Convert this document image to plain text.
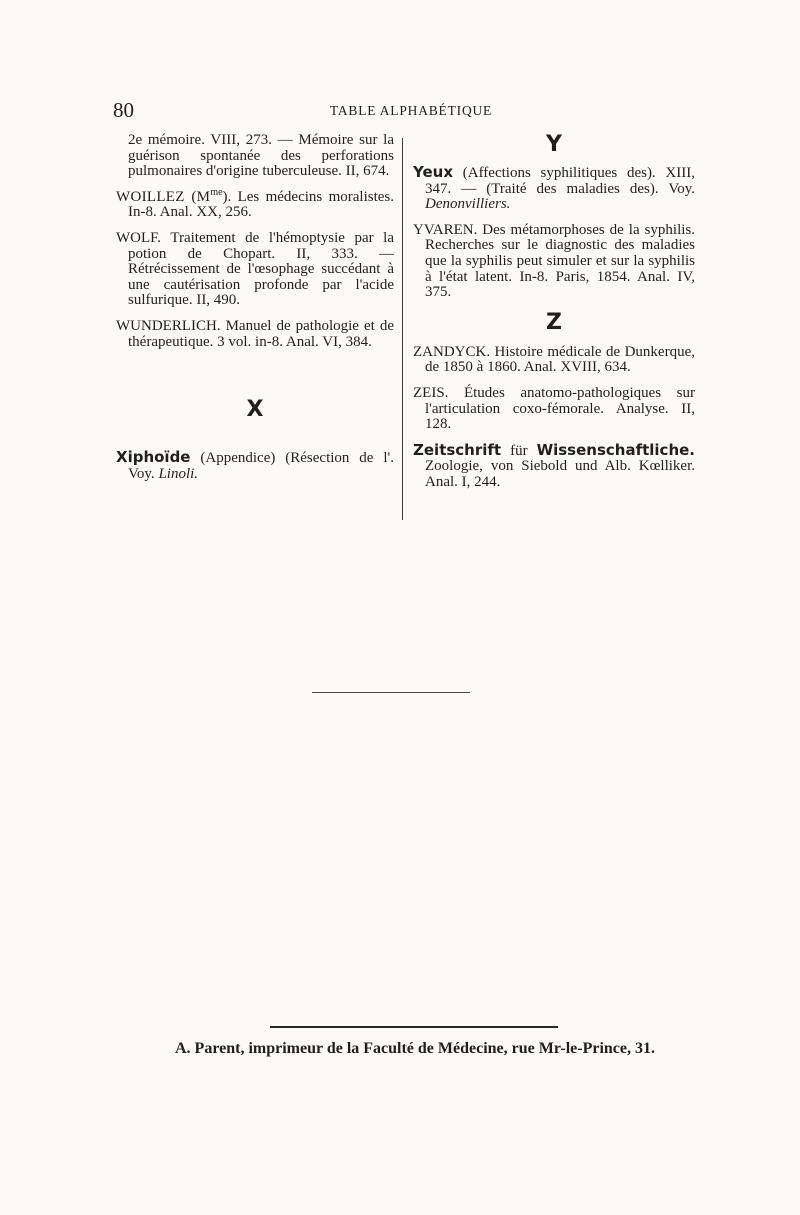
80	TABLE ALPHABÉTIQUE

2e mémoire. VIII, 273. — Mémoire sur la guérison spontanée des perforations pulmonaires d'origine tuberculeuse. II, 674.

WOILLEZ $(M^{me})$. Les médecins moralistes. In-8. Anal. XX, 256.

WOLF. Traitement de l'hémoptysie par la potion de Chopart. II, 333. — Rétrécissement de l'œsophage succédant à une cautérisation profonde par l'acide sulfurique. II, 490.

WUNDERLICH. Manuel de pathologie et de thérapeutique. 3 vol. in-8. Anal. VI, 384.

X

Xiphoïde (Appendice) (Résection de l'. Voy. Linoli.

Y

Yeux (Affections syphilitiques des). XIII, 347. — (Traité des maladies des). Voy. Denonvilliers.

YVAREN. Des métamorphoses de la syphilis. Recherches sur le diagnostic des maladies que la syphilis peut simuler et sur la syphilis à l'état latent. In-8. Paris, 1854. Anal. IV, 375.

Z

ZANDYCK. Histoire médicale de Dunkerque, de 1850 à 1860. Anal. XVIII, 634.

ZEIS. Études anatomo-pathologiques sur l'articulation coxo-fémorale. Analyse. II, 128.

Zeitschrift für Wissenschaftliche. Zoologie, von Siebold und Alb. Kœlliker. Anal. I, 244.

A. Parent, imprimeur de la Faculté de Médecine, rue Mr-le-Prince, 31.
